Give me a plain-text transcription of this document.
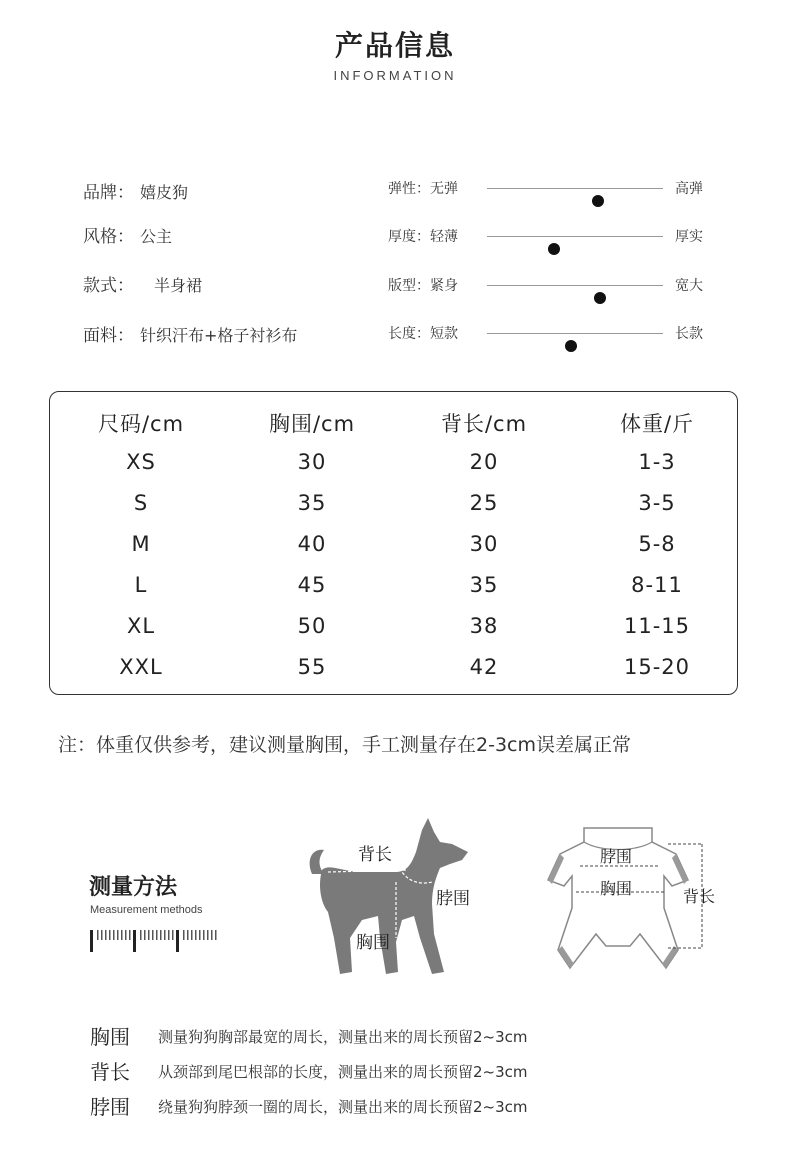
产品信息
INFORMATION
品牌： 嬉皮狗
风格： 公主
款式： 半身裙
面料： 针织汗布+格子衬衫布
弹性：无弹	高弹
厚度：轻薄	厚实
版型：紧身	宽大
长度：短款	长款
尺码/cm	胸围/cm	背长/cm	体重/斤
XS	30	20	1-3
S	35	25	3-5
M	40	30	5-8
L	45	35	8-11
XL	50	38	11-15
XXL	55	42	15-20
注：体重仅供参考，建议测量胸围，手工测量存在2-3cm误差属正常
测量方法
Measurement methods
背长
脖围
胸围
脖围
胸围	背长
胸围 测量狗狗胸部最宽的周长，测量出来的周长预留2~3cm
背长 从颈部到尾巴根部的长度，测量出来的周长预留2~3cm
脖围 绕量狗狗脖颈一圈的周长，测量出来的周长预留2~3cm
